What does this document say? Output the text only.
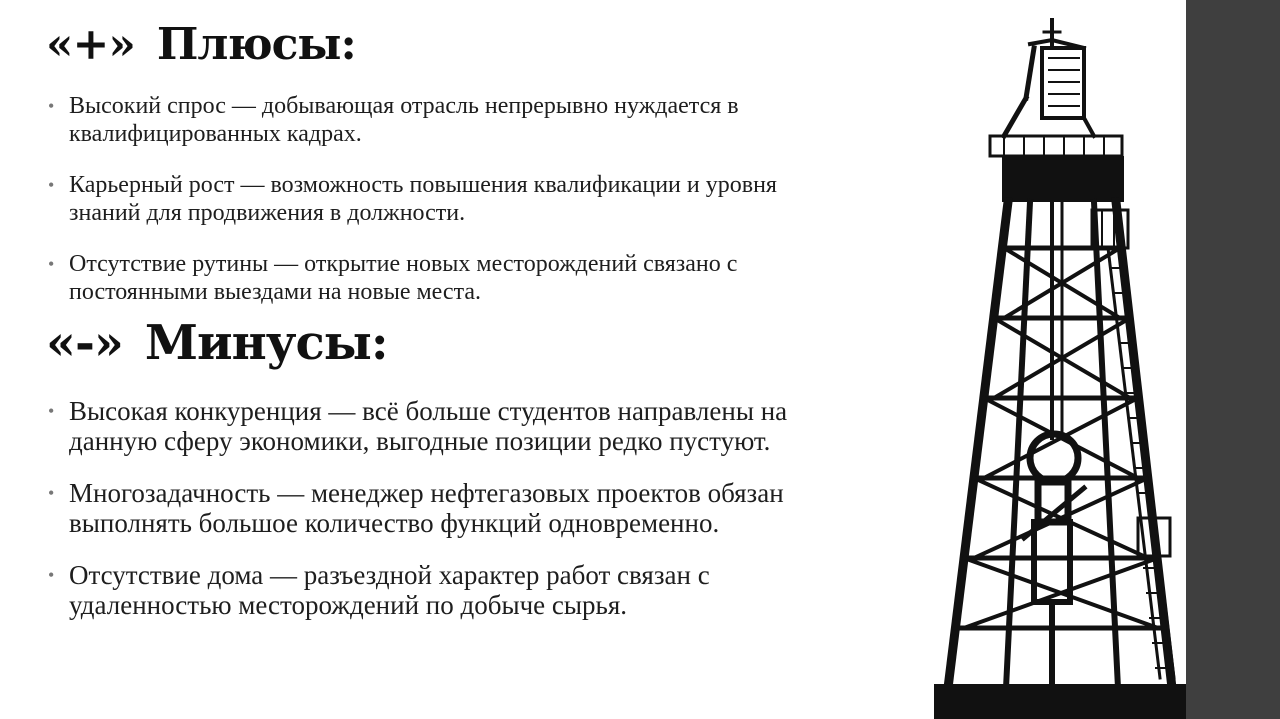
«+» Плюсы:
• Высокий спрос — добывающая отрасль непрерывно нуждается в
квалифицированных кадрах.
• Карьерный рост — возможность повышения квалификации и уровня
знаний для продвижения в должности.
• Отсутствие рутины — открытие новых месторождений связано с
постоянными выездами на новые места.
«-» Минусы:
• Высокая конкуренция — всё больше студентов направлены на
данную сферу экономики, выгодные позиции редко пустуют.
• Многозадачность — менеджер нефтегазовых проектов обязан
выполнять большое количество функций одновременно.
• Отсутствие дома — разъездной характер работ связан с
удаленностью месторождений по добыче сырья.
